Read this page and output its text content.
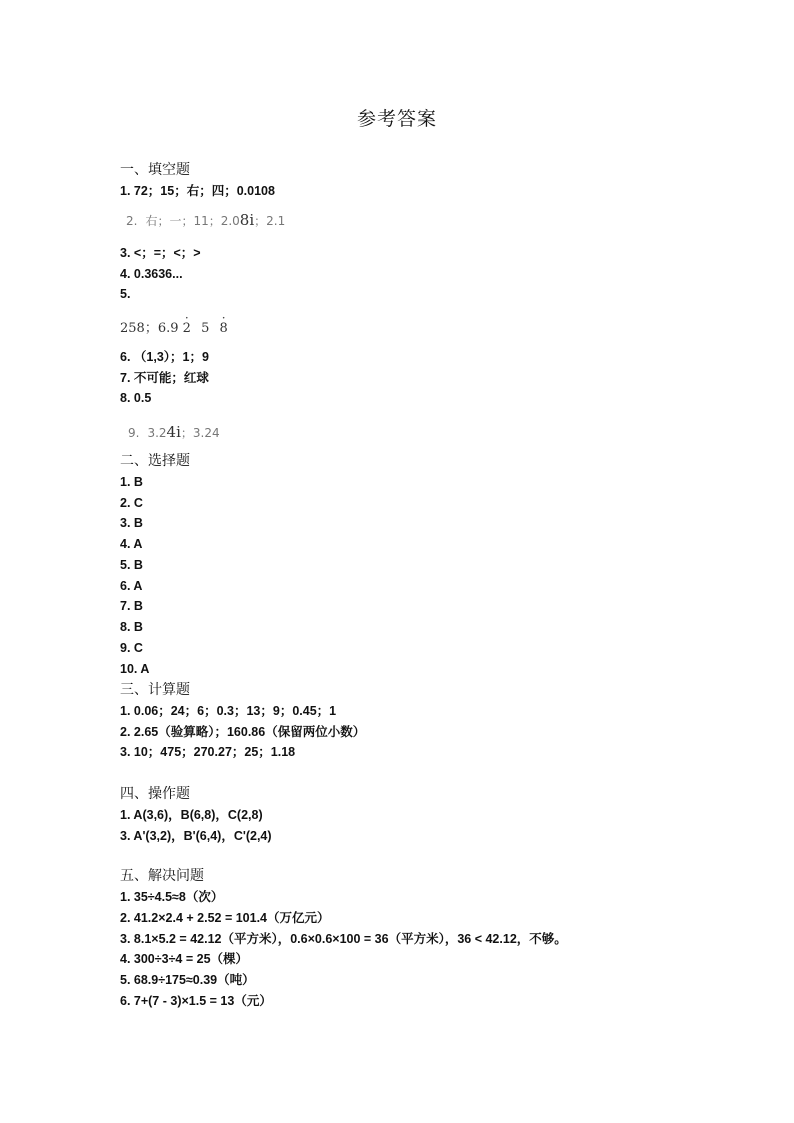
参考答案
一、填空题
1. 72；15；右；四；0.0108
2. 右；一；11；2.08i；2.1
3. <；=；<；>
4. 0.3636...
5.
258；6.9 · 2 5 · 8
6. （1,3）；1；9
7. 不可能；红球
8. 0.5
9. 3.24i；3.24
二、选择题
1. B
2. C
3. B
4. A
5. B
6. A
7. B
8. B
9. C
10. A
三、计算题
1. 0.06；24；6；0.3；13；9；0.45；1
2. 2.65（验算略）；160.86（保留两位小数）
3. 10；475；270.27；25；1.18
四、操作题
1. A(3,6)，B(6,8)，C(2,8)
3. A'(3,2)，B'(6,4)，C'(2,4)
五、解决问题
1. 35÷4.5≈8（次）
2. 41.2×2.4 + 2.52 = 101.4（万亿元）
3. 8.1×5.2 = 42.12（平方米），0.6×0.6×100 = 36（平方米），36 < 42.12，不够。
4. 300÷3÷4 = 25（棵）
5. 68.9÷175≈0.39（吨）
6. 7+(7 - 3)×1.5 = 13（元）
